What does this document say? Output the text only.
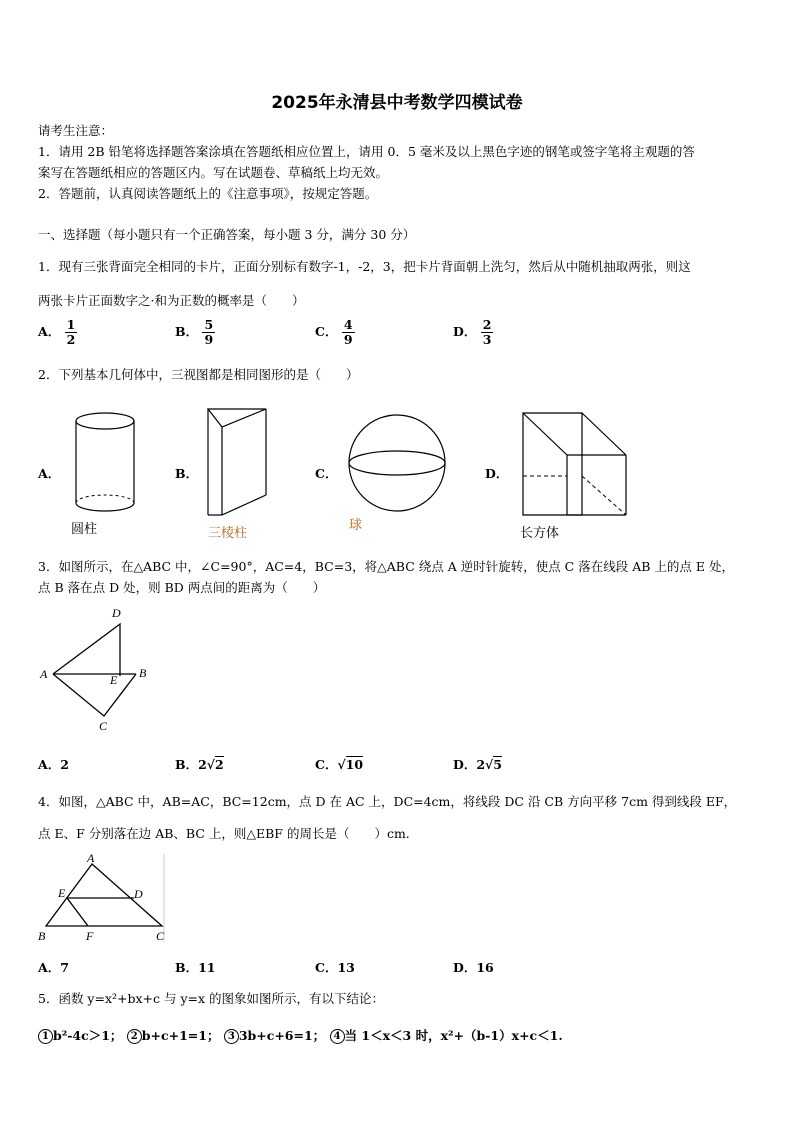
2025年永清县中考数学四模试卷
请考生注意：
1．请用 2B 铅笔将选择题答案涂填在答题纸相应位置上，请用 0．5 毫米及以上黑色字迹的钢笔或签字笔将主观题的答
案写在答题纸相应的答题区内。写在试题卷、草稿纸上均无效。
2．答题前，认真阅读答题纸上的《注意事项》，按规定答题。
一、选择题（每小题只有一个正确答案，每小题 3 分，满分 30 分）
1．现有三张背面完全相同的卡片，正面分别标有数字-1，-2，3，把卡片背面朝上洗匀，然后从中随机抽取两张，则这
两张卡片正面数字之·和为正数的概率是（　　）
A． $\frac{1}{2}$	B． $\frac{5}{9}$	C． $\frac{4}{9}$	D． $\frac{2}{3}$
2．下列基本几何体中，三视图都是相同图形的是（　　）
A．
圆柱
B．
三棱柱
C．
球
D．
长方体
3．如图所示，在△ABC 中，∠C=90°，AC=4，BC=3，将△ABC 绕点 A 逆时针旋转，使点 C 落在线段 AB 上的点 E 处，
点 B 落在点 D 处，则 BD 两点间的距离为（　　）
A	B
C
D
E
A．2	B．2√2	C．√10	D．2√5
4．如图，△ABC 中，AB=AC，BC=12cm，点 D 在 AC 上，DC=4cm，将线段 DC 沿 CB 方向平移 7cm 得到线段 EF，
点 E、F 分别落在边 AB、BC 上，则△EBF 的周长是（　　）cm.
A
B	C
D
E
F
A．7	B．11	C．13	D．16
5．函数 y=x²+bx+c 与 y=x 的图象如图所示，有以下结论：
1 b²-4c＞1； 2 b+c+1=1； 3 3b+c+6=1； 4 当 1＜x＜3 时，x²+（b-1）x+c＜1.
